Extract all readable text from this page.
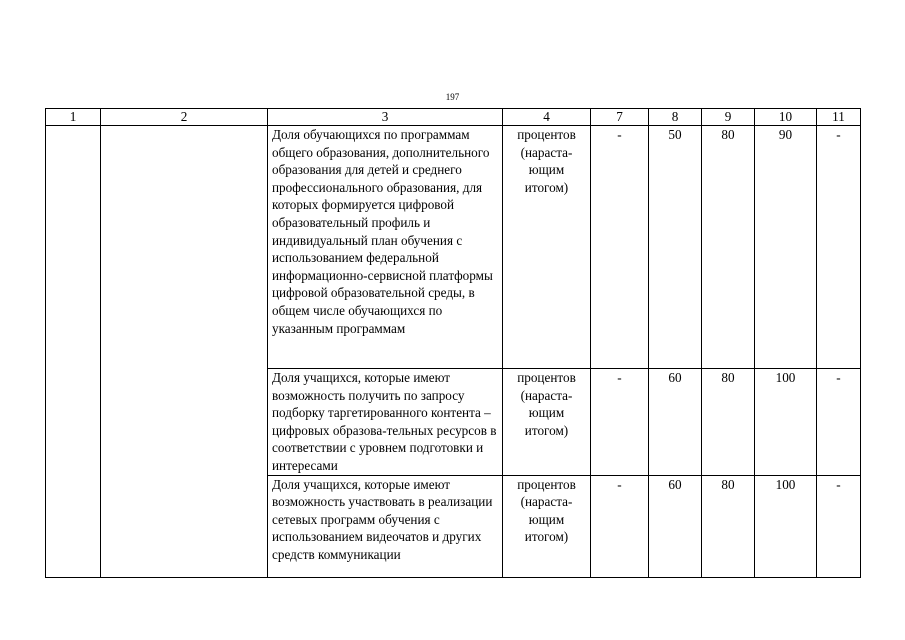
197
1	2	3	4	7	8	9	10	11
		Доля обучающихся по программам общего образования, дополнительного образования для детей и среднего профессионального образования, для которых формируется цифровой образовательный профиль и индивидуальный план обучения с использованием федеральной информационно-сервисной платформы цифровой образовательной среды, в общем числе обучающихся по указанным программам	процентов (нараста-ющим итогом)	-	50	80	90	-
		Доля учащихся, которые имеют возможность получить по запросу подборку таргетированного контента – цифровых образова-тельных ресурсов в соответствии с уровнем подготовки и интересами	процентов (нараста-ющим итогом)	-	60	80	100	-
		Доля учащихся, которые имеют возможность участвовать в реализации сетевых программ обучения с использованием видеочатов и других средств коммуникации	процентов (нараста-ющим итогом)	-	60	80	100	-
